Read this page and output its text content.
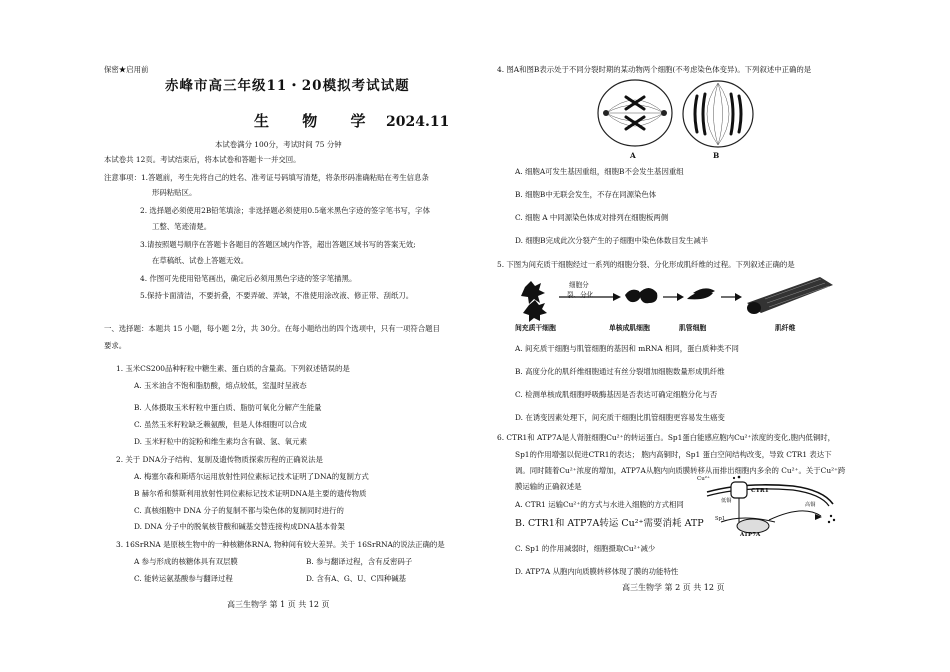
保密★启用前
赤峰市高三年级11・20模拟考试试题
生 物 学 2024.11
本试卷满分 100分，考试时间 75 分钟
本试卷共 12页。考试结束后，将本试卷和答题卡一并交回。
注意事项：1.答题前，考生先将自己的姓名、准考证号码填写清楚，将条形码准确粘贴在考生信息条
形码粘贴区。
2. 选择题必须使用2B铅笔填涂；非选择题必须使用0.5毫米黑色字迹的签字笔书写，字体
工整、笔迹清楚。
3.请按照题号顺序在答题卡各题目的答题区域内作答，超出答题区域书写的答案无效;
在草稿纸、试卷上答题无效。
4. 作图可先使用铅笔画出，确定后必须用黑色字迹的签字笔描黑。
5.保持卡面清洁，不要折叠，不要弄破、弄皱，不准使用涂改液、修正带、刮纸刀。
一、选择题：本题共 15 小题，每小题 2分，共 30分。在每小题给出的四个选项中，只有一项符合题目
要求。
1. 玉米CS200品种籽粒中糖生素、蛋白质的含量高。下列叙述错误的是
A. 玉米油含不饱和脂肪酸，熔点较低，室温时呈液态
B. 人体摄取玉米籽粒中蛋白质、脂肪可氧化分解产生能量
C. 虽然玉米籽粒缺乏赖氨酸，但是人体细胞可以合成
D. 玉米籽粒中的淀粉和维生素均含有碳、氢、氧元素
2. 关于 DNA分子结构、复制及遗传物质探索历程的正确说法是
A. 梅塞尔森和斯塔尔运用放射性同位素标记技术证明了DNA的复制方式
B 赫尔希和蔡斯利用放射性同位素标记技术证明DNA是主要的遗传物质
C. 真核细胞中 DNA 分子的复制不都与染色体的复制同时进行的
D. DNA 分子中的脱氧核苷酸和碱基交替连接构成DNA基本骨架
3. 16SrRNA 是原核生物中的一种核糖体RNA, 物种间有较大差异。关于 16SrRNA的说法正确的是
A 参与形成的核糖体具有双层膜	B. 参与翻译过程，含有反密码子
C. 能转运氨基酸参与翻译过程	D. 含有A、G、U、C四种碱基
高三生物学 第 1 页 共 12 页
4. 图A和图B表示处于不同分裂时期的某动物两个细胞(不考虑染色体变异)。下列叙述中正确的是
A	B
A. 细胞A可发生基因重组，细胞B不会发生基因重组
B. 细胞B中无联会发生，不存在同源染色体
C. 细胞 A 中同源染色体成对排列在细胞板两侧
D. 细胞B完成此次分裂产生的子细胞中染色体数目发生减半
5. 下图为间充质干细胞经过一系列的细胞分裂、分化形成肌纤维的过程。下列叙述正确的是
细胞分
裂、分化
间充质干细胞	单核成肌细胞	肌管细胞	肌纤维
A. 间充质干细胞与肌管细胞的基因和 mRNA 相同，蛋白质种类不同
B. 高度分化的肌纤维细胞通过有丝分裂增加细胞数量形成肌纤维
C. 检测单核成肌细胞呼吸酶基因是否表达可确定细胞分化与否
D. 在诱变因素处理下，间充质干细胞比肌管细胞更容易发生癌变
6. CTR1和 ATP7A是人肾脏细胞Cu²⁺的转运蛋白。Sp1蛋白能感应胞内Cu²⁺浓度的变化,胞内低铜时，
Sp1的作用增强以促进CTR1的表达； 胞内高铜时，Sp1 蛋白空间结构改变，导致 CTR1 表达下
调。同时随着Cu²⁺浓度的增加，ATP7A从胞内向质膜转移从而排出细胞内多余的 Cu²⁺。关于Cu²⁺跨
膜运输的正确叙述是
Cu²⁺
CTR1
ATP7A
Sp1
低铜
高铜
A. CTR1 运输Cu²⁺的方式与水进入细胞的方式相同
B. CTR1和 ATP7A转运 Cu²⁺需要消耗 ATP
C. Sp1 的作用减弱时，细胞摄取Cu²⁺减少
D. ATP7A 从胞内向质膜转移体现了膜的功能特性
高三生物学 第 2 页 共 12 页
